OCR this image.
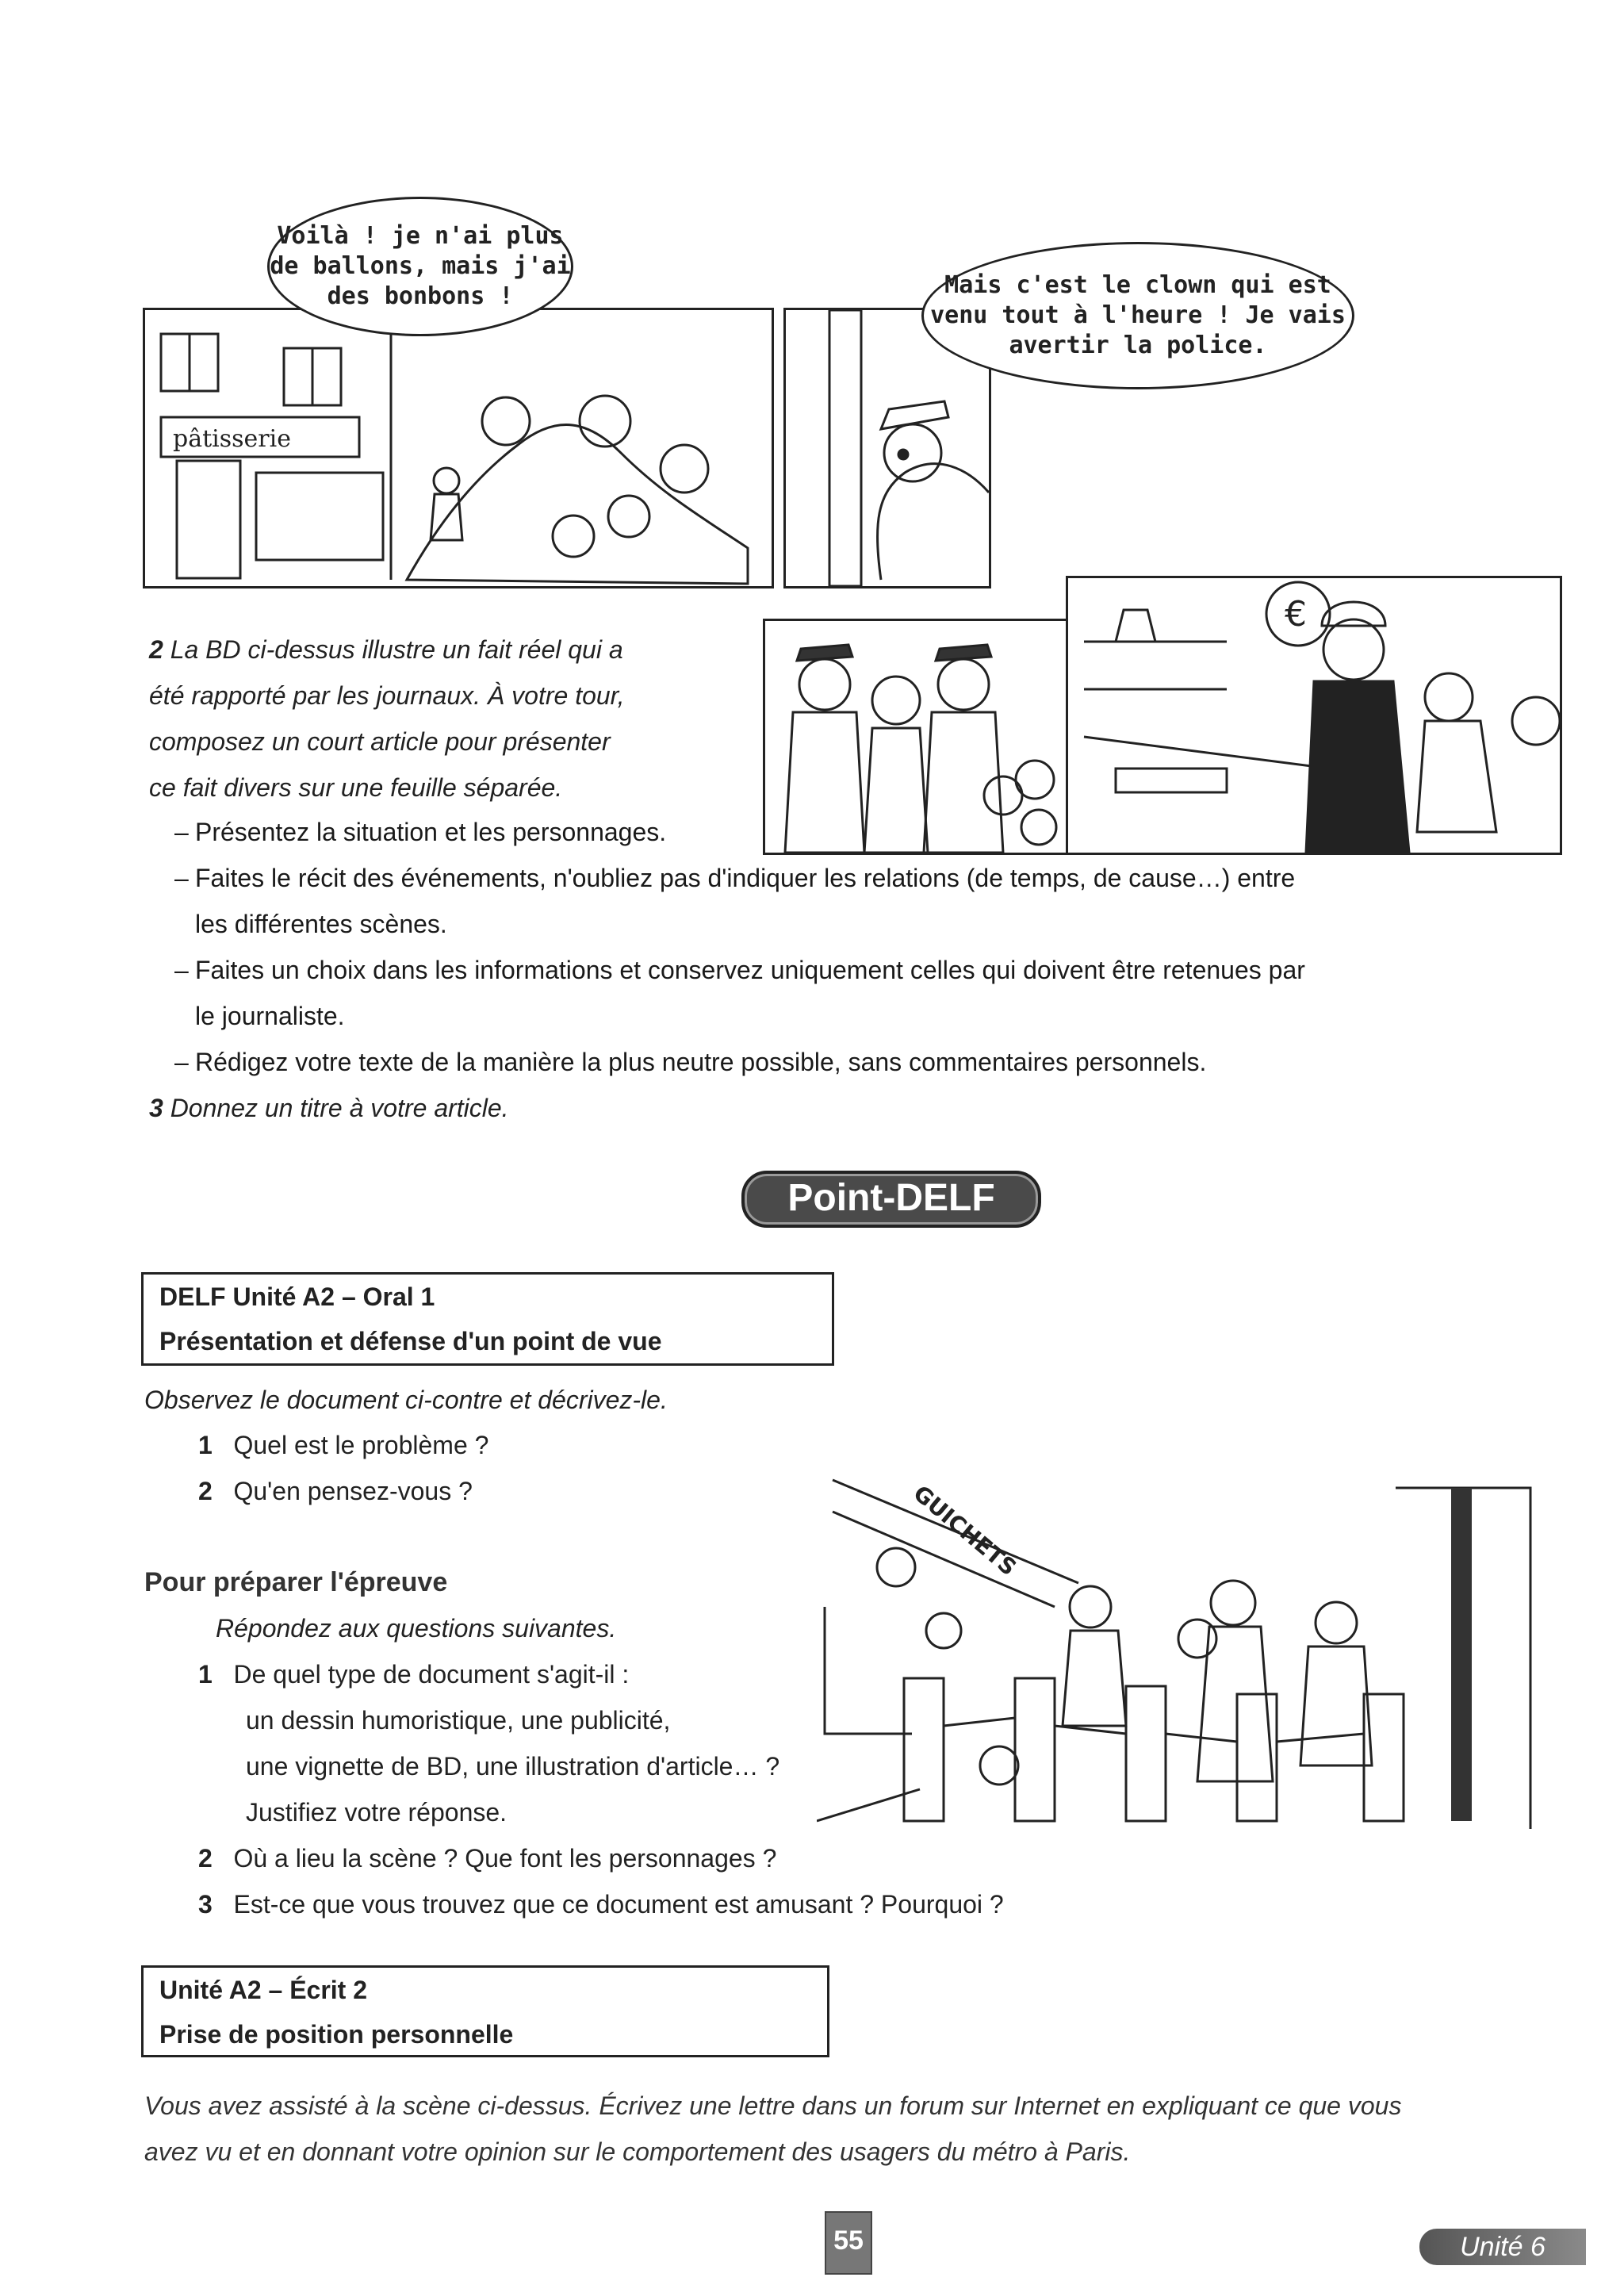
pâtisserie
Voilà ! je n'ai plus
de ballons, mais j'ai
des bonbons !	Mais c'est le clown qui est
venu tout à l'heure ! Je vais
avertir la police.
€
2 La BD ci-dessus illustre un fait réel qui a
été rapporté par les journaux. À votre tour,
composez un court article pour présenter
ce fait divers sur une feuille séparée.
– Présentez la situation et les personnages.
– Faites le récit des événements, n'oubliez pas d'indiquer les relations (de temps, de cause…) entre
les différentes scènes.
– Faites un choix dans les informations et conservez uniquement celles qui doivent être retenues par
le journaliste.
– Rédigez votre texte de la manière la plus neutre possible, sans commentaires personnels.
3 Donnez un titre à votre article.
Point-DELF
DELF Unité A2 – Oral 1
Présentation et défense d'un point de vue
Observez le document ci-contre et décrivez-le.
1 Quel est le problème ?
2 Qu'en pensez-vous ?
Pour préparer l'épreuve
Répondez aux questions suivantes.
1 De quel type de document s'agit-il :
un dessin humoristique, une publicité,
une vignette de BD, une illustration d'article… ?
Justifiez votre réponse.
2 Où a lieu la scène ? Que font les personnages ?
3 Est-ce que vous trouvez que ce document est amusant ? Pourquoi ?
GUICHETS
Unité A2 – Écrit 2
Prise de position personnelle
Vous avez assisté à la scène ci-dessus. Écrivez une lettre dans un forum sur Internet en expliquant ce que vous
avez vu et en donnant votre opinion sur le comportement des usagers du métro à Paris.
55	Unité 6
